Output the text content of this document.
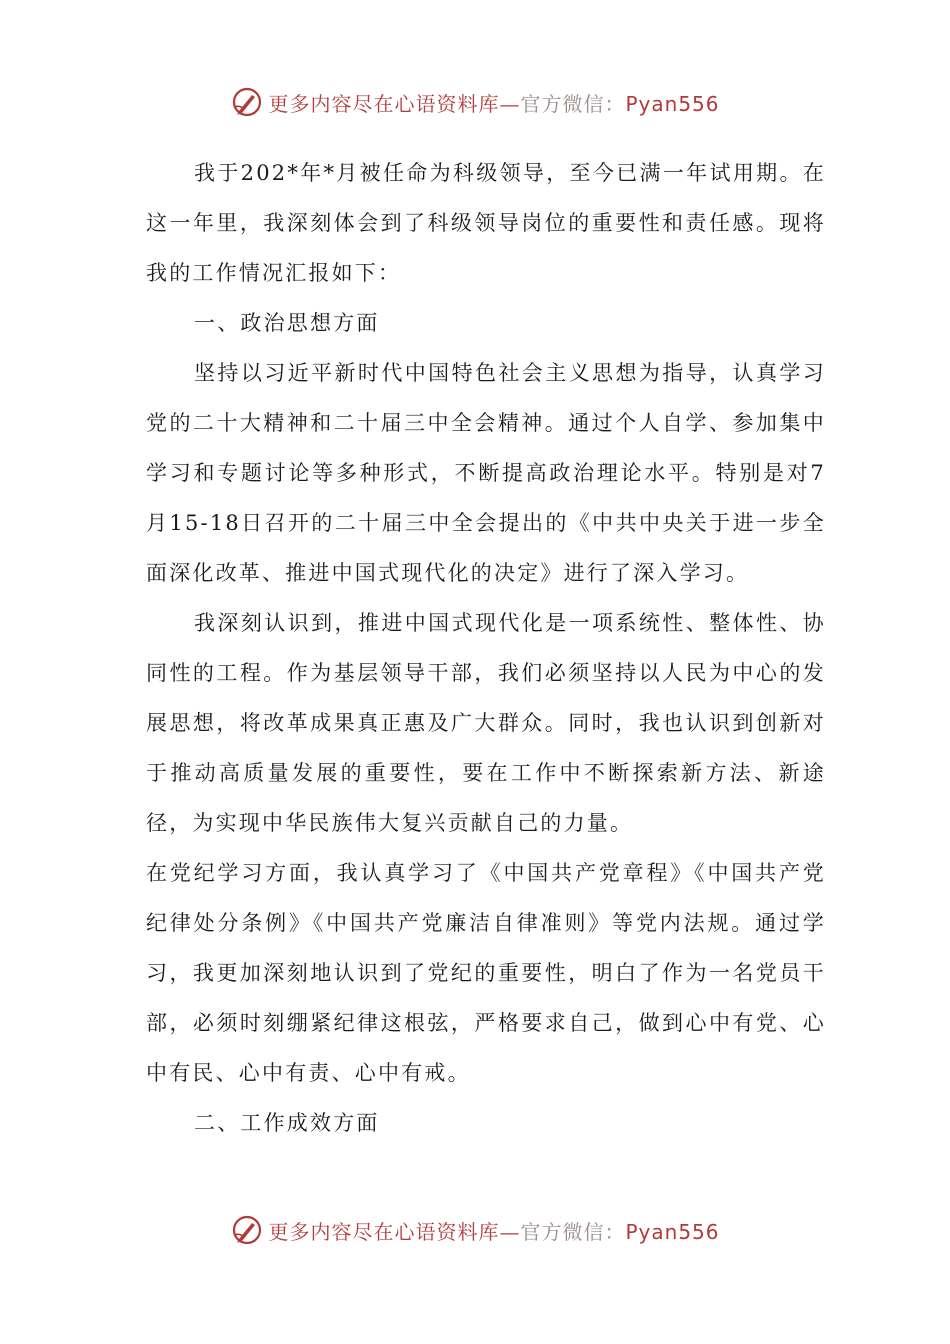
更多内容尽在心语资料库—官方微信：Pyan556

我于202*年*月被任命为科级领导，至今已满一年试用期。在这一年里，我深刻体会到了科级领导岗位的重要性和责任感。现将我的工作情况汇报如下：

一、政治思想方面

坚持以习近平新时代中国特色社会主义思想为指导，认真学习党的二十大精神和二十届三中全会精神。通过个人自学、参加集中学习和专题讨论等多种形式，不断提高政治理论水平。特别是对7月15-18日召开的二十届三中全会提出的《中共中央关于进一步全面深化改革、推进中国式现代化的决定》进行了深入学习。

我深刻认识到，推进中国式现代化是一项系统性、整体性、协同性的工程。作为基层领导干部，我们必须坚持以人民为中心的发展思想，将改革成果真正惠及广大群众。同时，我也认识到创新对于推动高质量发展的重要性，要在工作中不断探索新方法、新途径，为实现中华民族伟大复兴贡献自己的力量。

在党纪学习方面，我认真学习了《中国共产党章程》《中国共产党纪律处分条例》《中国共产党廉洁自律准则》等党内法规。通过学习，我更加深刻地认识到了党纪的重要性，明白了作为一名党员干部，必须时刻绷紧纪律这根弦，严格要求自己，做到心中有党、心中有民、心中有责、心中有戒。

二、工作成效方面

更多内容尽在心语资料库—官方微信：Pyan556
